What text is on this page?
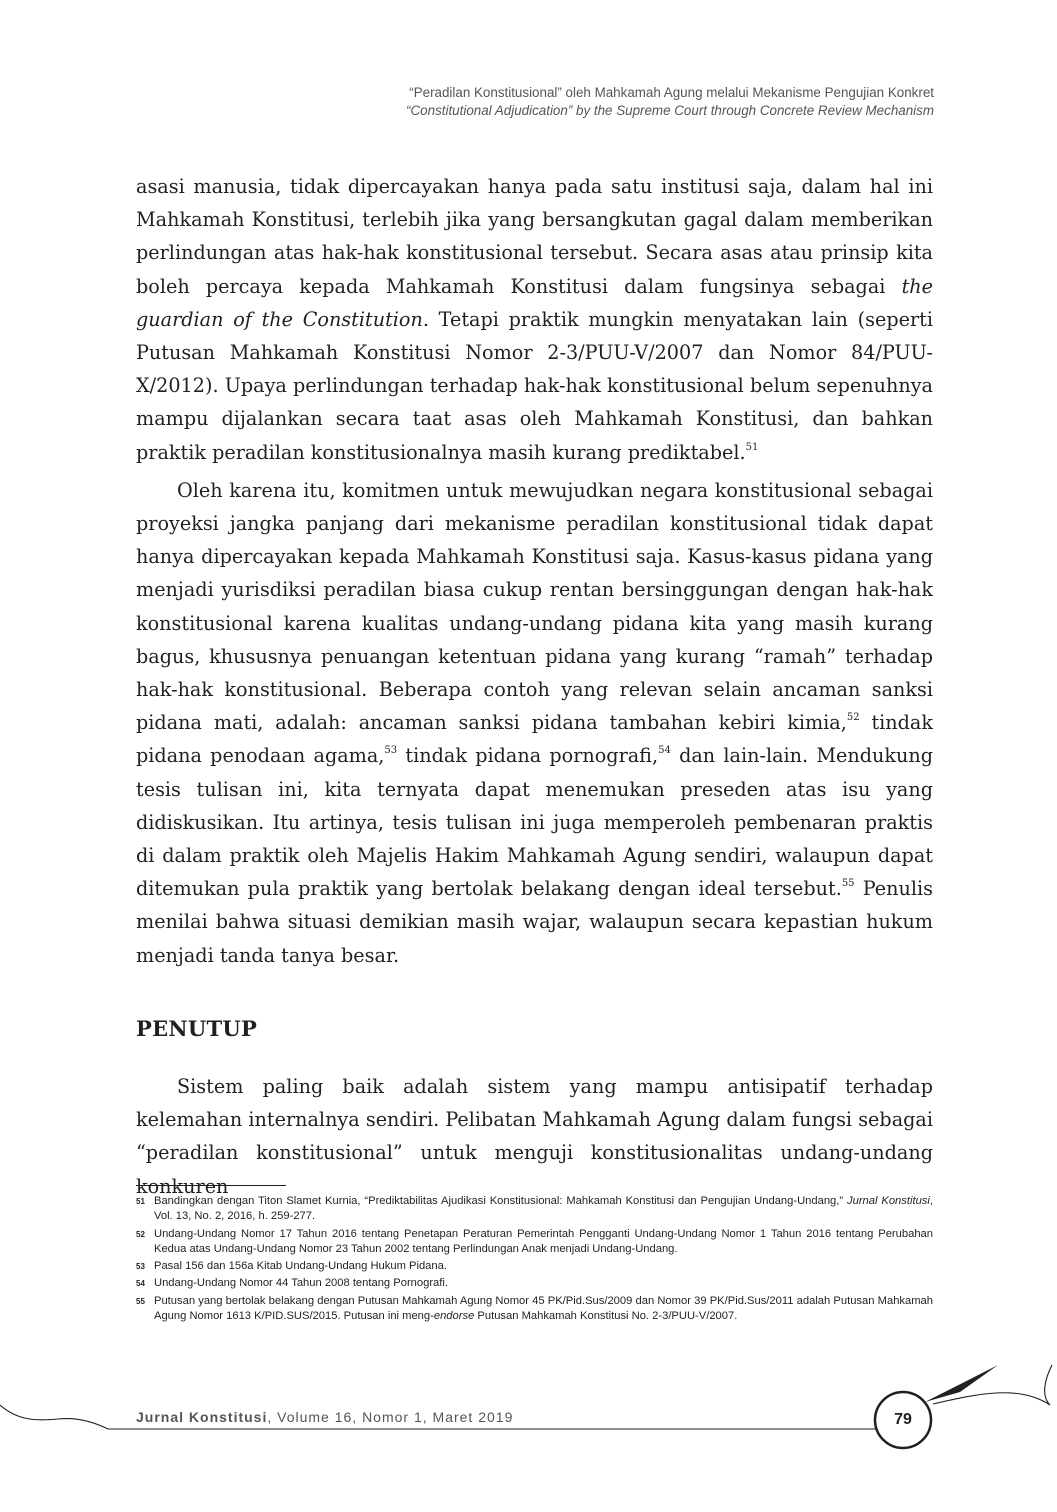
“Peradilan Konstitusional” oleh Mahkamah Agung melalui Mekanisme Pengujian Konkret
“Constitutional Adjudication” by the Supreme Court through Concrete Review Mechanism

asasi manusia, tidak dipercayakan hanya pada satu institusi saja, dalam hal ini Mahkamah Konstitusi, terlebih jika yang bersangkutan gagal dalam memberikan perlindungan atas hak-hak konstitusional tersebut. Secara asas atau prinsip kita boleh percaya kepada Mahkamah Konstitusi dalam fungsinya sebagai the guardian of the Constitution. Tetapi praktik mungkin menyatakan lain (seperti Putusan Mahkamah Konstitusi Nomor 2-3/PUU-V/2007 dan Nomor 84/PUU-X/2012). Upaya perlindungan terhadap hak-hak konstitusional belum sepenuhnya mampu dijalankan secara taat asas oleh Mahkamah Konstitusi, dan bahkan praktik peradilan konstitusionalnya masih kurang prediktabel.$^{51}$

Oleh karena itu, komitmen untuk mewujudkan negara konstitusional sebagai proyeksi jangka panjang dari mekanisme peradilan konstitusional tidak dapat hanya dipercayakan kepada Mahkamah Konstitusi saja. Kasus-kasus pidana yang menjadi yurisdiksi peradilan biasa cukup rentan bersinggungan dengan hak-hak konstitusional karena kualitas undang-undang pidana kita yang masih kurang bagus, khususnya penuangan ketentuan pidana yang kurang “ramah” terhadap hak-hak konstitusional. Beberapa contoh yang relevan selain ancaman sanksi pidana mati, adalah: ancaman sanksi pidana tambahan kebiri kimia,$^{52}$ tindak pidana penodaan agama,$^{53}$ tindak pidana pornografi,$^{54}$ dan lain-lain. Mendukung tesis tulisan ini, kita ternyata dapat menemukan preseden atas isu yang didiskusikan. Itu artinya, tesis tulisan ini juga memperoleh pembenaran praktis di dalam praktik oleh Majelis Hakim Mahkamah Agung sendiri, walaupun dapat ditemukan pula praktik yang bertolak belakang dengan ideal tersebut.$^{55}$ Penulis menilai bahwa situasi demikian masih wajar, walaupun secara kepastian hukum menjadi tanda tanya besar.

PENUTUP

Sistem paling baik adalah sistem yang mampu antisipatif terhadap kelemahan internalnya sendiri. Pelibatan Mahkamah Agung dalam fungsi sebagai “peradilan konstitusional” untuk menguji konstitusionalitas undang-undang konkuren

51 Bandingkan dengan Titon Slamet Kurnia, “Prediktabilitas Ajudikasi Konstitusional: Mahkamah Konstitusi dan Pengujian Undang-Undang,” Jurnal Konstitusi, Vol. 13, No. 2, 2016, h. 259-277.
52 Undang-Undang Nomor 17 Tahun 2016 tentang Penetapan Peraturan Pemerintah Pengganti Undang-Undang Nomor 1 Tahun 2016 tentang Perubahan Kedua atas Undang-Undang Nomor 23 Tahun 2002 tentang Perlindungan Anak menjadi Undang-Undang.
53 Pasal 156 dan 156a Kitab Undang-Undang Hukum Pidana.
54 Undang-Undang Nomor 44 Tahun 2008 tentang Pornografi.
55 Putusan yang bertolak belakang dengan Putusan Mahkamah Agung Nomor 45 PK/Pid.Sus/2009 dan Nomor 39 PK/Pid.Sus/2011 adalah Putusan Mahkamah Agung Nomor 1613 K/PID.SUS/2015. Putusan ini meng-endorse Putusan Mahkamah Konstitusi No. 2-3/PUU-V/2007.
Jurnal Konstitusi, Volume 16, Nomor 1, Maret 2019	79
